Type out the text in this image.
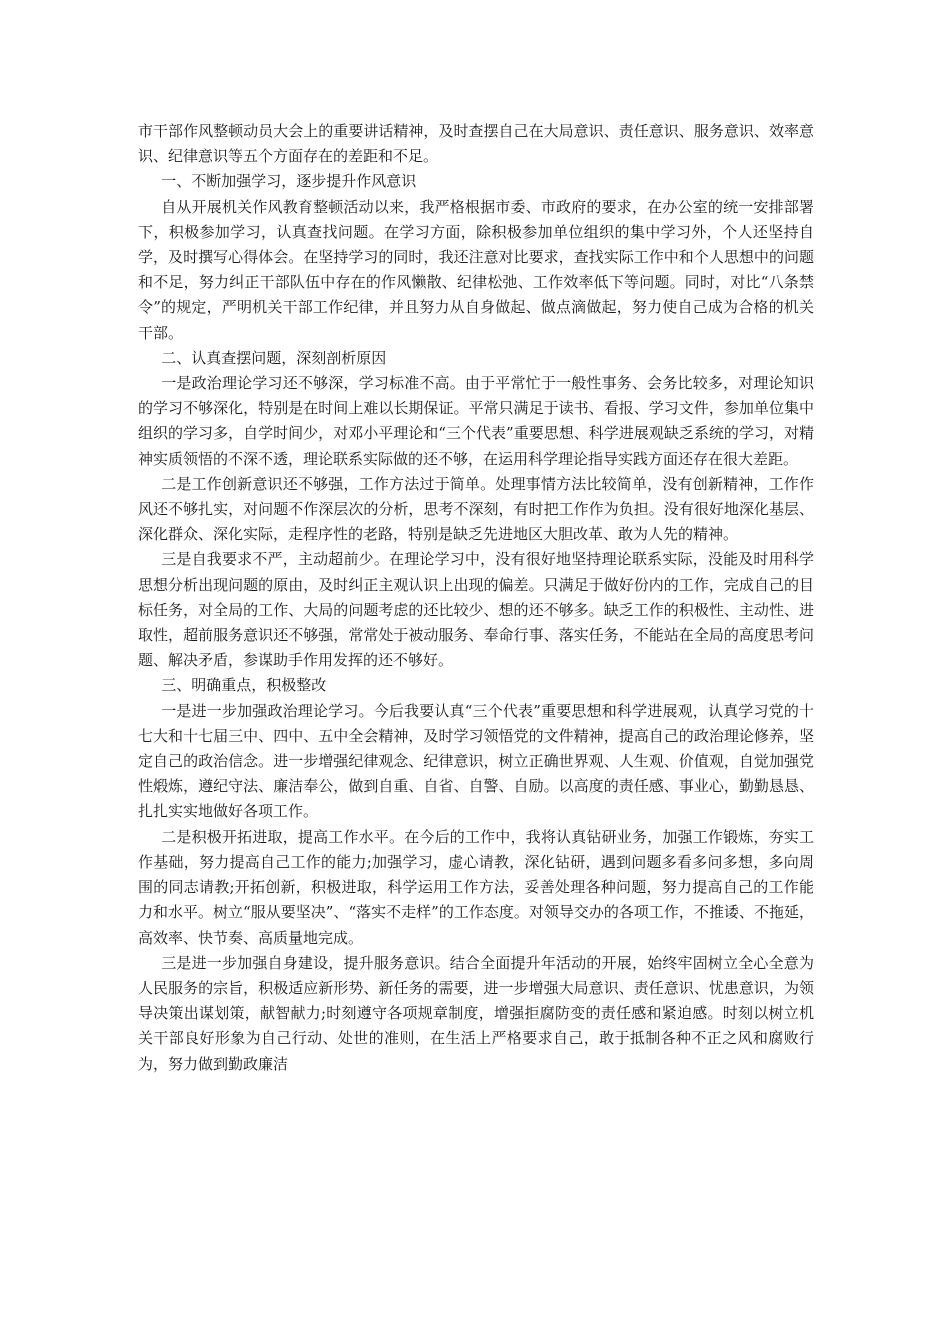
市干部作风整顿动员大会上的重要讲话精神，及时查摆自己在大局意识、责任意识、服务意识、效率意识、纪律意识等五个方面存在的差距和不足。

一、不断加强学习，逐步提升作风意识

自从开展机关作风教育整顿活动以来，我严格根据市委、市政府的要求，在办公室的统一安排部署下，积极参加学习，认真查找问题。在学习方面，除积极参加单位组织的集中学习外，个人还坚持自学，及时撰写心得体会。在坚持学习的同时，我还注意对比要求，查找实际工作中和个人思想中的问题和不足，努力纠正干部队伍中存在的作风懒散、纪律松弛、工作效率低下等问题。同时，对比“八条禁令”的规定，严明机关干部工作纪律，并且努力从自身做起、做点滴做起，努力使自己成为合格的机关干部。

二、认真查摆问题，深刻剖析原因

一是政治理论学习还不够深，学习标准不高。由于平常忙于一般性事务、会务比较多，对理论知识的学习不够深化，特别是在时间上难以长期保证。平常只满足于读书、看报、学习文件，参加单位集中组织的学习多，自学时间少，对邓小平理论和“三个代表”重要思想、科学进展观缺乏系统的学习，对精神实质领悟的不深不透，理论联系实际做的还不够，在运用科学理论指导实践方面还存在很大差距。

二是工作创新意识还不够强，工作方法过于简单。处理事情方法比较简单，没有创新精神，工作作风还不够扎实，对问题不作深层次的分析，思考不深刻，有时把工作作为负担。没有很好地深化基层、深化群众、深化实际，走程序性的老路，特别是缺乏先进地区大胆改革、敢为人先的精神。

三是自我要求不严，主动超前少。在理论学习中，没有很好地坚持理论联系实际，没能及时用科学思想分析出现问题的原由，及时纠正主观认识上出现的偏差。只满足于做好份内的工作，完成自己的目标任务，对全局的工作、大局的问题考虑的还比较少、想的还不够多。缺乏工作的积极性、主动性、进取性，超前服务意识还不够强，常常处于被动服务、奉命行事、落实任务，不能站在全局的高度思考问题、解决矛盾，参谋助手作用发挥的还不够好。

三、明确重点，积极整改

一是进一步加强政治理论学习。今后我要认真“三个代表”重要思想和科学进展观，认真学习党的十七大和十七届三中、四中、五中全会精神，及时学习领悟党的文件精神，提高自己的政治理论修养，坚定自己的政治信念。进一步增强纪律观念、纪律意识，树立正确世界观、人生观、价值观，自觉加强党性煅炼，遵纪守法、廉洁奉公，做到自重、自省、自警、自励。以高度的责任感、事业心，勤勤恳恳、扎扎实实地做好各项工作。

二是积极开拓进取，提高工作水平。在今后的工作中，我将认真钻研业务，加强工作锻炼，夯实工作基础，努力提高自己工作的能力;加强学习，虚心请教，深化钻研，遇到问题多看多问多想，多向周围的同志请教;开拓创新，积极进取，科学运用工作方法，妥善处理各种问题，努力提高自己的工作能力和水平。树立“服从要坚决”、“落实不走样”的工作态度。对领导交办的各项工作，不推诿、不拖延，高效率、快节奏、高质量地完成。

三是进一步加强自身建设，提升服务意识。结合全面提升年活动的开展，始终牢固树立全心全意为人民服务的宗旨，积极适应新形势、新任务的需要，进一步增强大局意识、责任意识、忧患意识，为领导决策出谋划策，献智献力;时刻遵守各项规章制度，增强拒腐防变的责任感和紧迫感。时刻以树立机关干部良好形象为自己行动、处世的准则，在生活上严格要求自己，敢于抵制各种不正之风和腐败行为，努力做到勤政廉洁
